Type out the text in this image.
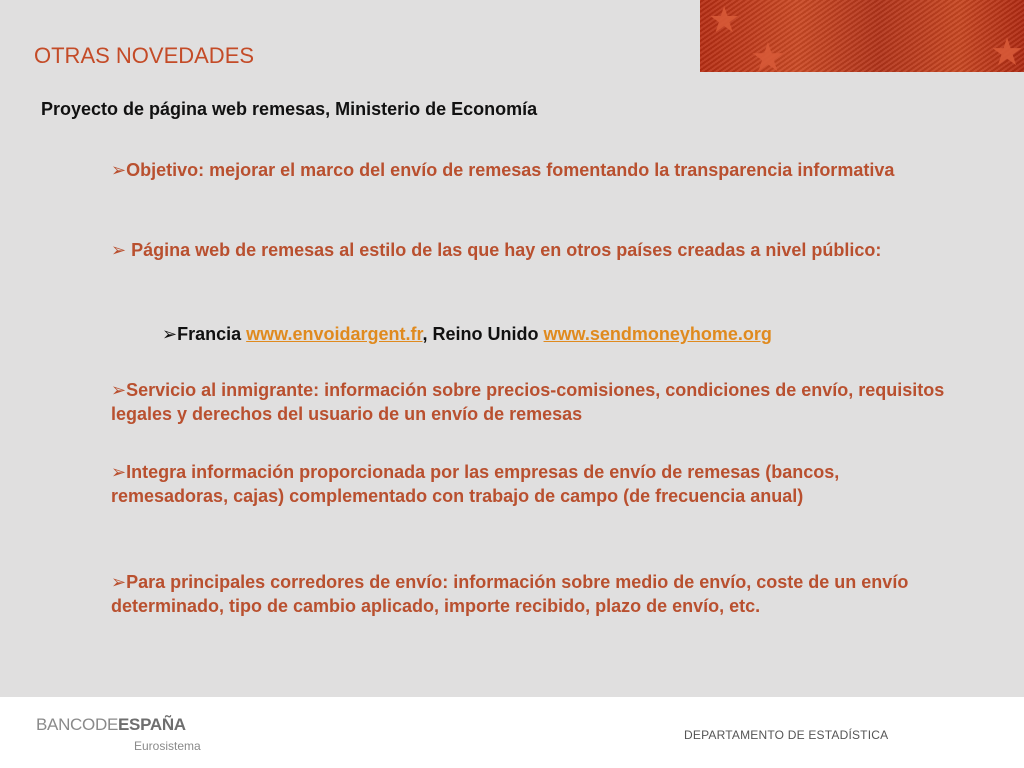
★
★	★
OTRAS NOVEDADES

Proyecto de página web remesas, Ministerio de Economía

➢Objetivo: mejorar el marco del envío de remesas fomentando la transparencia informativa

➢ Página web de remesas al estilo de las que hay en otros países creadas a nivel público:

➢Francia www.envoidargent.fr, Reino Unido www.sendmoneyhome.org

➢Servicio al inmigrante: información sobre precios-comisiones, condiciones de envío, requisitos legales y derechos del usuario de un envío de remesas

➢Integra información proporcionada por las empresas de envío de remesas (bancos, remesadoras, cajas) complementado con trabajo de campo (de frecuencia anual)

➢Para principales corredores de envío: información sobre medio de envío, coste de un envío determinado, tipo de cambio aplicado, importe recibido, plazo de envío, etc.

BANCODEESPAÑA
Eurosistema
DEPARTAMENTO DE ESTADÍSTICA
